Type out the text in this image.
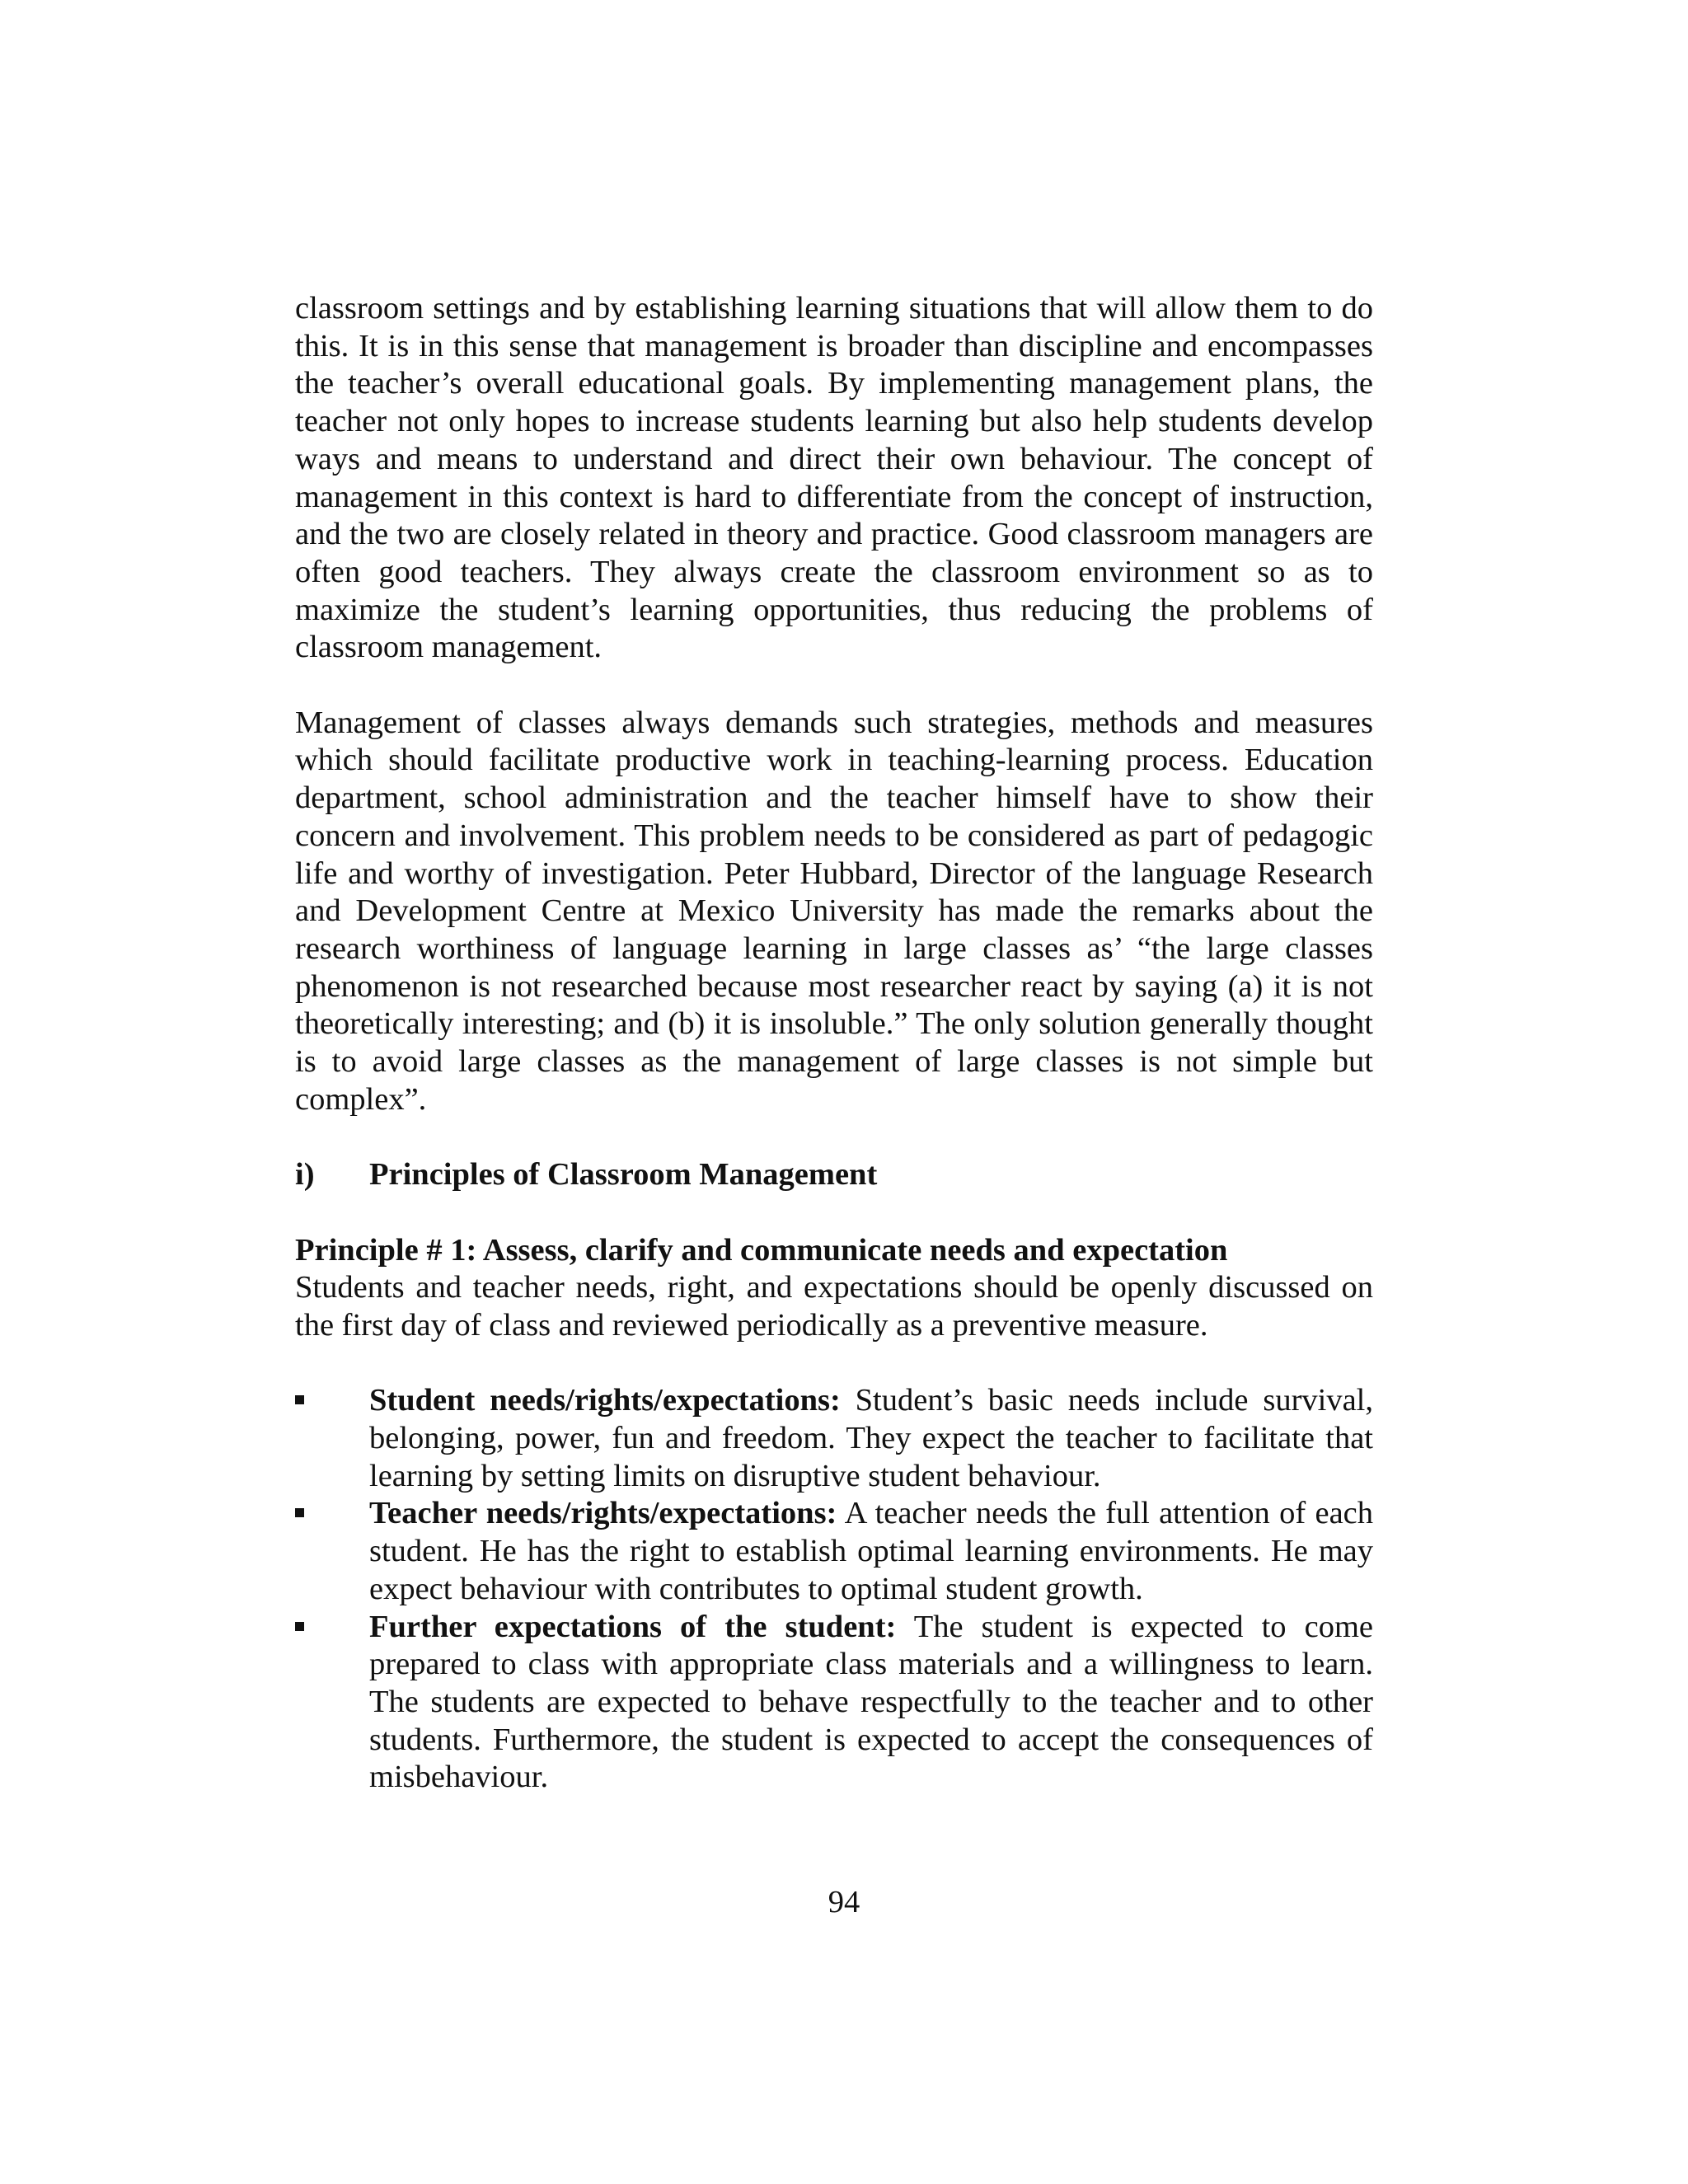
classroom settings and by establishing learning situations that will allow them to do this. It is in this sense that management is broader than discipline and encompasses the teacher’s overall educational goals. By implementing management plans, the teacher not only hopes to increase students learning but also help students develop ways and means to understand and direct their own behaviour. The concept of management in this context is hard to differentiate from the concept of instruction, and the two are closely related in theory and practice. Good classroom managers are often good teachers. They always create the classroom environment so as to maximize the student’s learning opportunities, thus reducing the problems of classroom management.

Management of classes always demands such strategies, methods and measures which should facilitate productive work in teaching-learning process. Education department, school administration and the teacher himself have to show their concern and involvement. This problem needs to be considered as part of pedagogic life and worthy of investigation. Peter Hubbard, Director of the language Research and Development Centre at Mexico University has made the remarks about the research worthiness of language learning in large classes as’ “the large classes phenomenon is not researched because most researcher react by saying (a) it is not theoretically interesting; and (b) it is insoluble.” The only solution generally thought is to avoid large classes as the management of large classes is not simple but complex”.

i)	Principles of Classroom Management
Principle # 1: Assess, clarify and communicate needs and expectation

Students and teacher needs, right, and expectations should be openly discussed on the first day of class and reviewed periodically as a preventive measure.

Student needs/rights/expectations: Student’s basic needs include survival, belonging, power, fun and freedom. They expect the teacher to facilitate that learning by setting limits on disruptive student behaviour.
Teacher needs/rights/expectations: A teacher needs the full attention of each student. He has the right to establish optimal learning environments. He may expect behaviour with contributes to optimal student growth.
Further expectations of the student: The student is expected to come prepared to class with appropriate class materials and a willingness to learn. The students are expected to behave respectfully to the teacher and to other students. Furthermore, the student is expected to accept the consequences of misbehaviour.
94
